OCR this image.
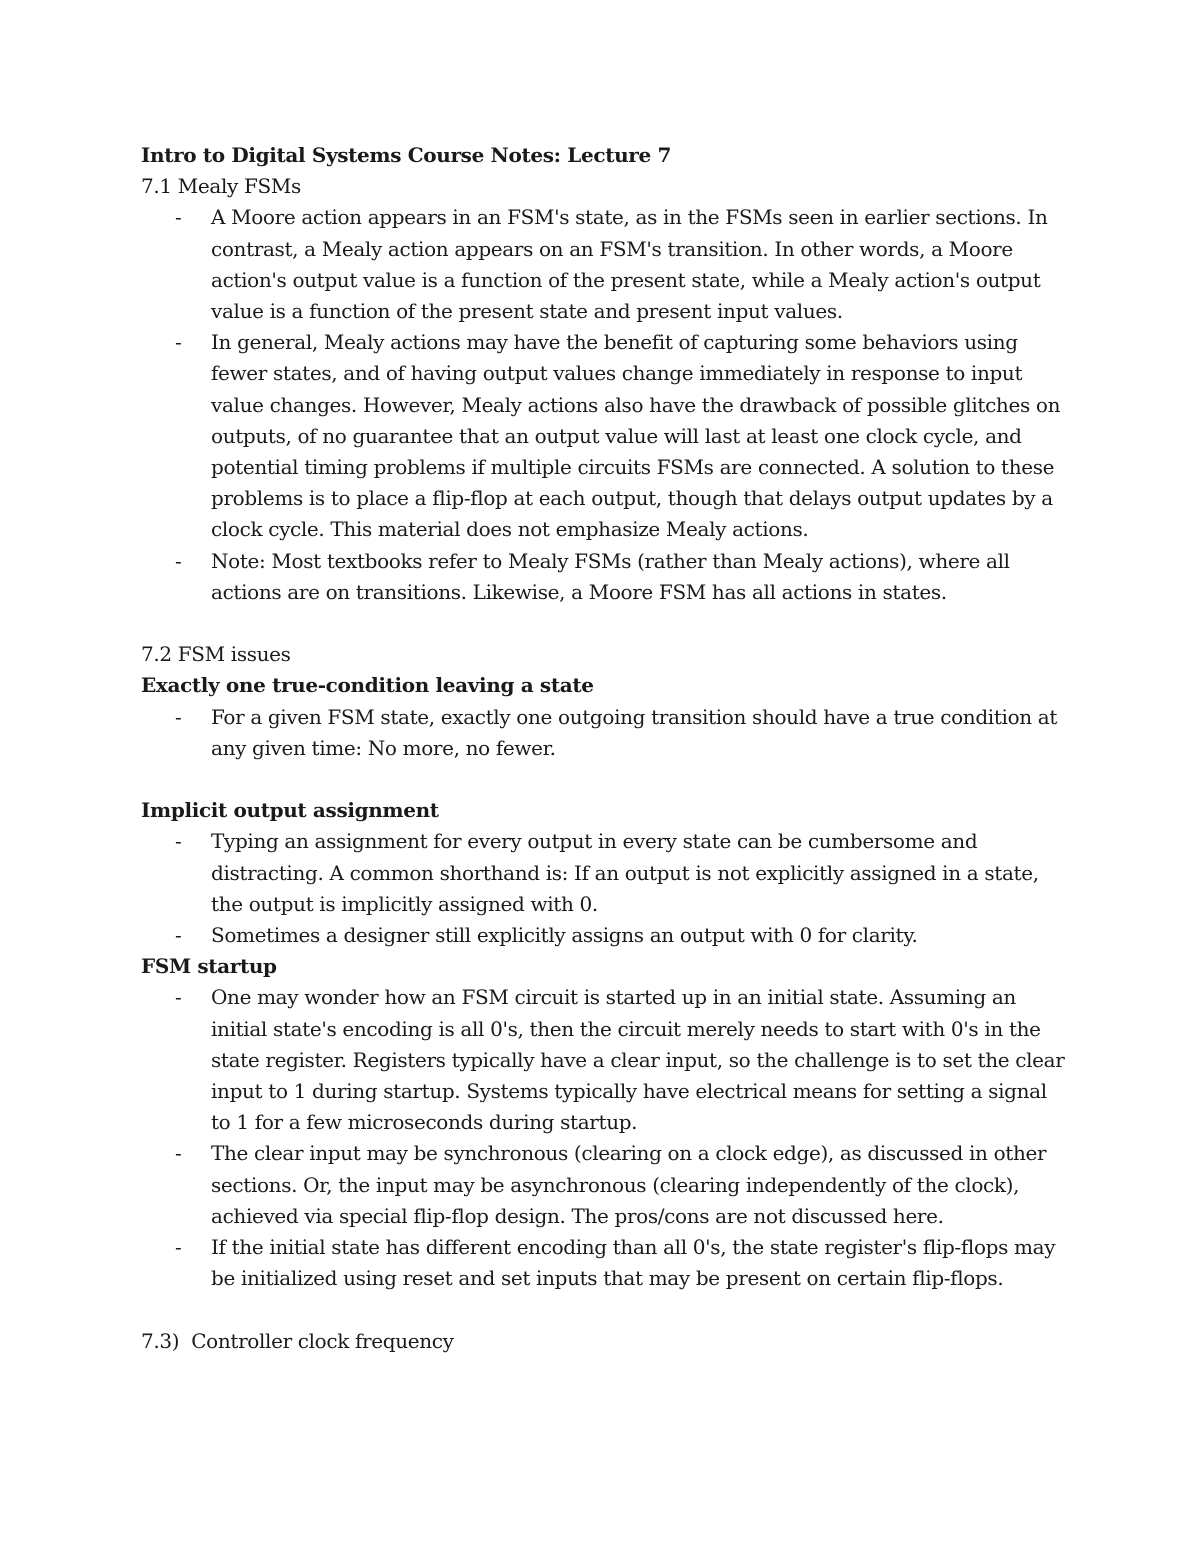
Intro to Digital Systems Course Notes: Lecture 7

7.1 Mealy FSMs

- A Moore action appears in an FSM's state, as in the FSMs seen in earlier sections. In contrast, a Mealy action appears on an FSM's transition. In other words, a Moore action's output value is a function of the present state, while a Mealy action's output value is a function of the present state and present input values.
- In general, Mealy actions may have the benefit of capturing some behaviors using fewer states, and of having output values change immediately in response to input value changes. However, Mealy actions also have the drawback of possible glitches on outputs, of no guarantee that an output value will last at least one clock cycle, and potential timing problems if multiple circuits FSMs are connected. A solution to these problems is to place a flip-flop at each output, though that delays output updates by a clock cycle. This material does not emphasize Mealy actions.
- Note: Most textbooks refer to Mealy FSMs (rather than Mealy actions), where all actions are on transitions. Likewise, a Moore FSM has all actions in states.

7.2 FSM issues

Exactly one true-condition leaving a state

- For a given FSM state, exactly one outgoing transition should have a true condition at any given time: No more, no fewer.

Implicit output assignment

- Typing an assignment for every output in every state can be cumbersome and distracting. A common shorthand is: If an output is not explicitly assigned in a state, the output is implicitly assigned with 0.
- Sometimes a designer still explicitly assigns an output with 0 for clarity.

FSM startup

- One may wonder how an FSM circuit is started up in an initial state. Assuming an initial state's encoding is all 0's, then the circuit merely needs to start with 0's in the state register. Registers typically have a clear input, so the challenge is to set the clear input to 1 during startup. Systems typically have electrical means for setting a signal to 1 for a few microseconds during startup.
- The clear input may be synchronous (clearing on a clock edge), as discussed in other sections. Or, the input may be asynchronous (clearing independently of the clock), achieved via special flip-flop design. The pros/cons are not discussed here.
- If the initial state has different encoding than all 0's, the state register's flip-flops may be initialized using reset and set inputs that may be present on certain flip-flops.

7.3)  Controller clock frequency
